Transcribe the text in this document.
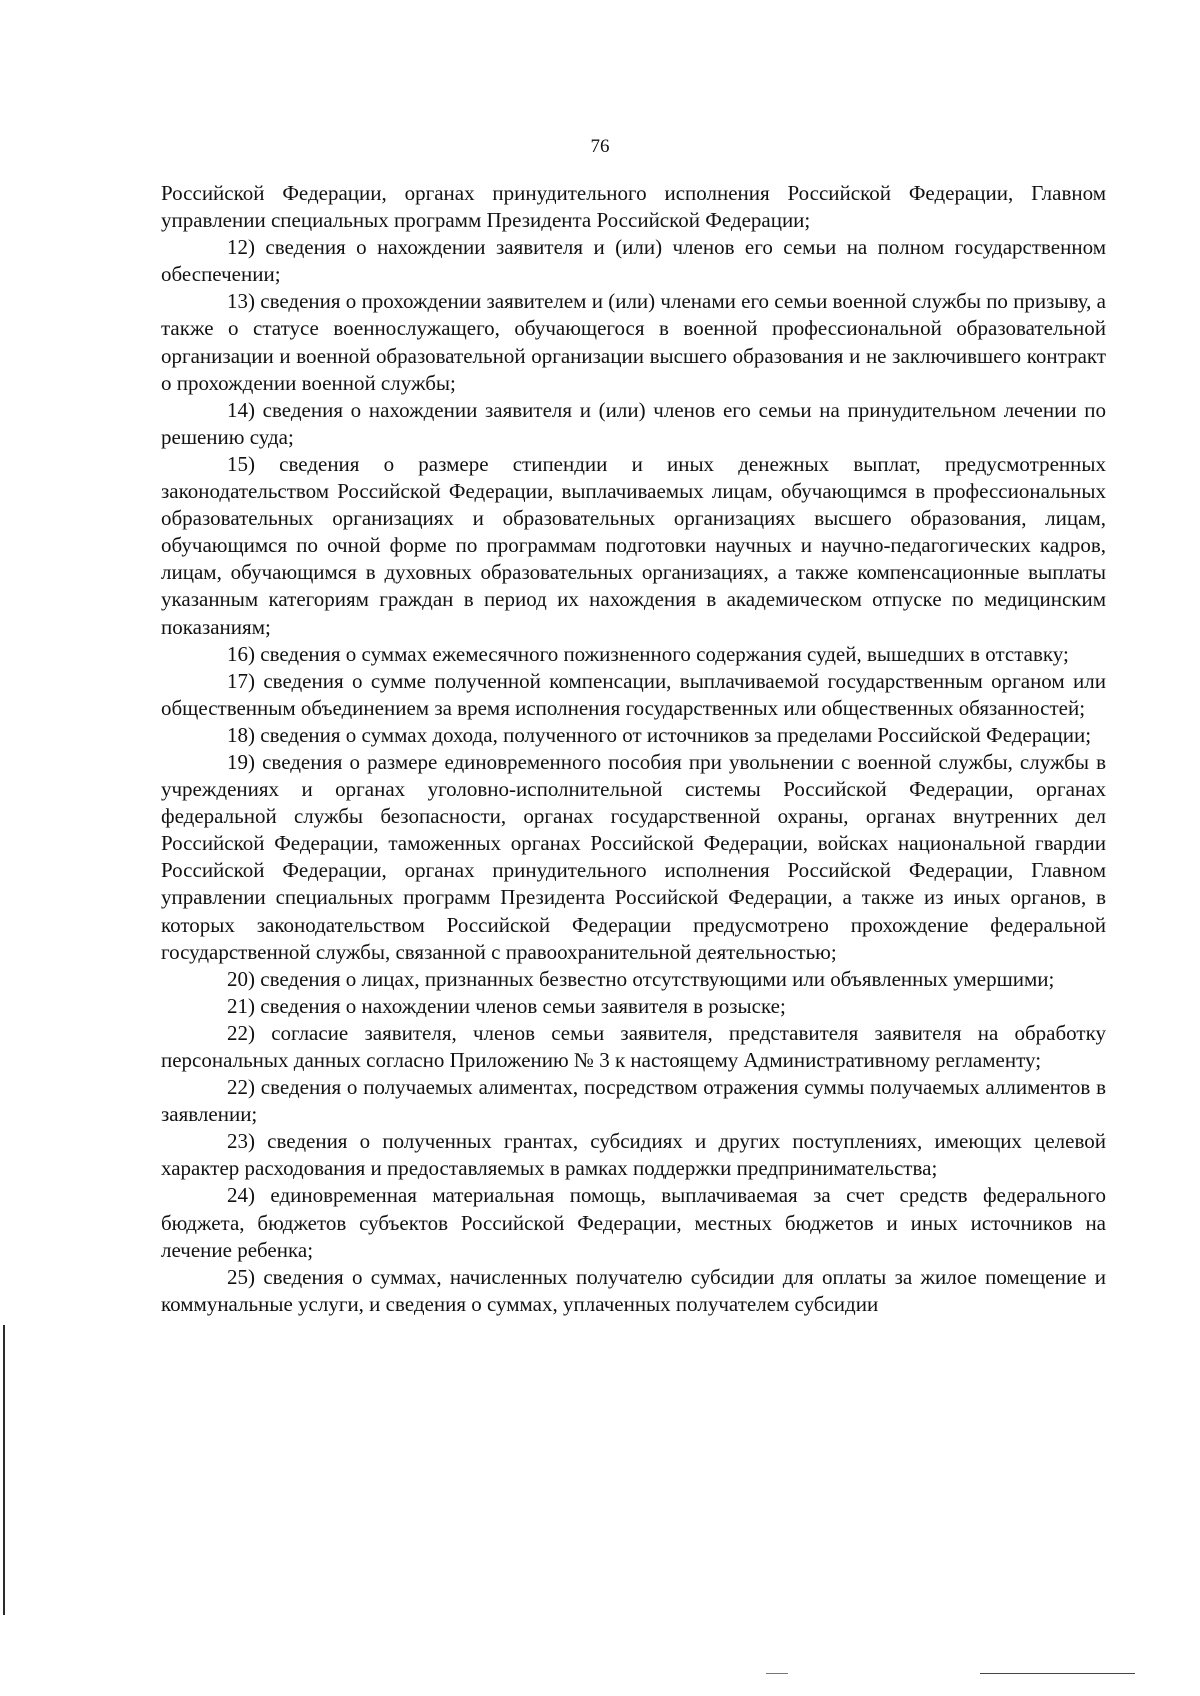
76

Российской Федерации, органах принудительного исполнения Российской Федерации, Главном управлении специальных программ Президента Российской Федерации;

12) сведения о нахождении заявителя и (или) членов его семьи на полном государственном обеспечении;

13) сведения о прохождении заявителем и (или) членами его семьи военной службы по призыву, а также о статусе военнослужащего, обучающегося в военной профессиональной образовательной организации и военной образовательной организации высшего образования и не заключившего контракт о прохождении военной службы;

14) сведения о нахождении заявителя и (или) членов его семьи на принудительном лечении по решению суда;

15) сведения о размере стипендии и иных денежных выплат, предусмотренных законодательством Российской Федерации, выплачиваемых лицам, обучающимся в профессиональных образовательных организациях и образовательных организациях высшего образования, лицам, обучающимся по очной форме по программам подготовки научных и научно-педагогических кадров, лицам, обучающимся в духовных образовательных организациях, а также компенсационные выплаты указанным категориям граждан в период их нахождения в академическом отпуске по медицинским показаниям;

16) сведения о суммах ежемесячного пожизненного содержания судей, вышедших в отставку;

17) сведения о сумме полученной компенсации, выплачиваемой государственным органом или общественным объединением за время исполнения государственных или общественных обязанностей;

18) сведения о суммах дохода, полученного от источников за пределами Российской Федерации;

19) сведения о размере единовременного пособия при увольнении с военной службы, службы в учреждениях и органах уголовно-исполнительной системы Российской Федерации, органах федеральной службы безопасности, органах государственной охраны, органах внутренних дел Российской Федерации, таможенных органах Российской Федерации, войсках национальной гвардии Российской Федерации, органах принудительного исполнения Российской Федерации, Главном управлении специальных программ Президента Российской Федерации, а также из иных органов, в которых законодательством Российской Федерации предусмотрено прохождение федеральной государственной службы, связанной с правоохранительной деятельностью;

20) сведения о лицах, признанных безвестно отсутствующими или объявленных умершими;

21) сведения о нахождении членов семьи заявителя в розыске;

22) согласие заявителя, членов семьи заявителя, представителя заявителя на обработку персональных данных согласно Приложению № 3 к настоящему Административному регламенту;

22) сведения о получаемых алиментах, посредством отражения суммы получаемых аллиментов в заявлении;

23) сведения о полученных грантах, субсидиях и других поступлениях, имеющих целевой характер расходования и предоставляемых в рамках поддержки предпринимательства;

24) единовременная материальная помощь, выплачиваемая за счет средств федерального бюджета, бюджетов субъектов Российской Федерации, местных бюджетов и иных источников на лечение ребенка;

25) сведения о суммах, начисленных получателю субсидии для оплаты за жилое помещение и коммунальные услуги, и сведения о суммах, уплаченных получателем субсидии
